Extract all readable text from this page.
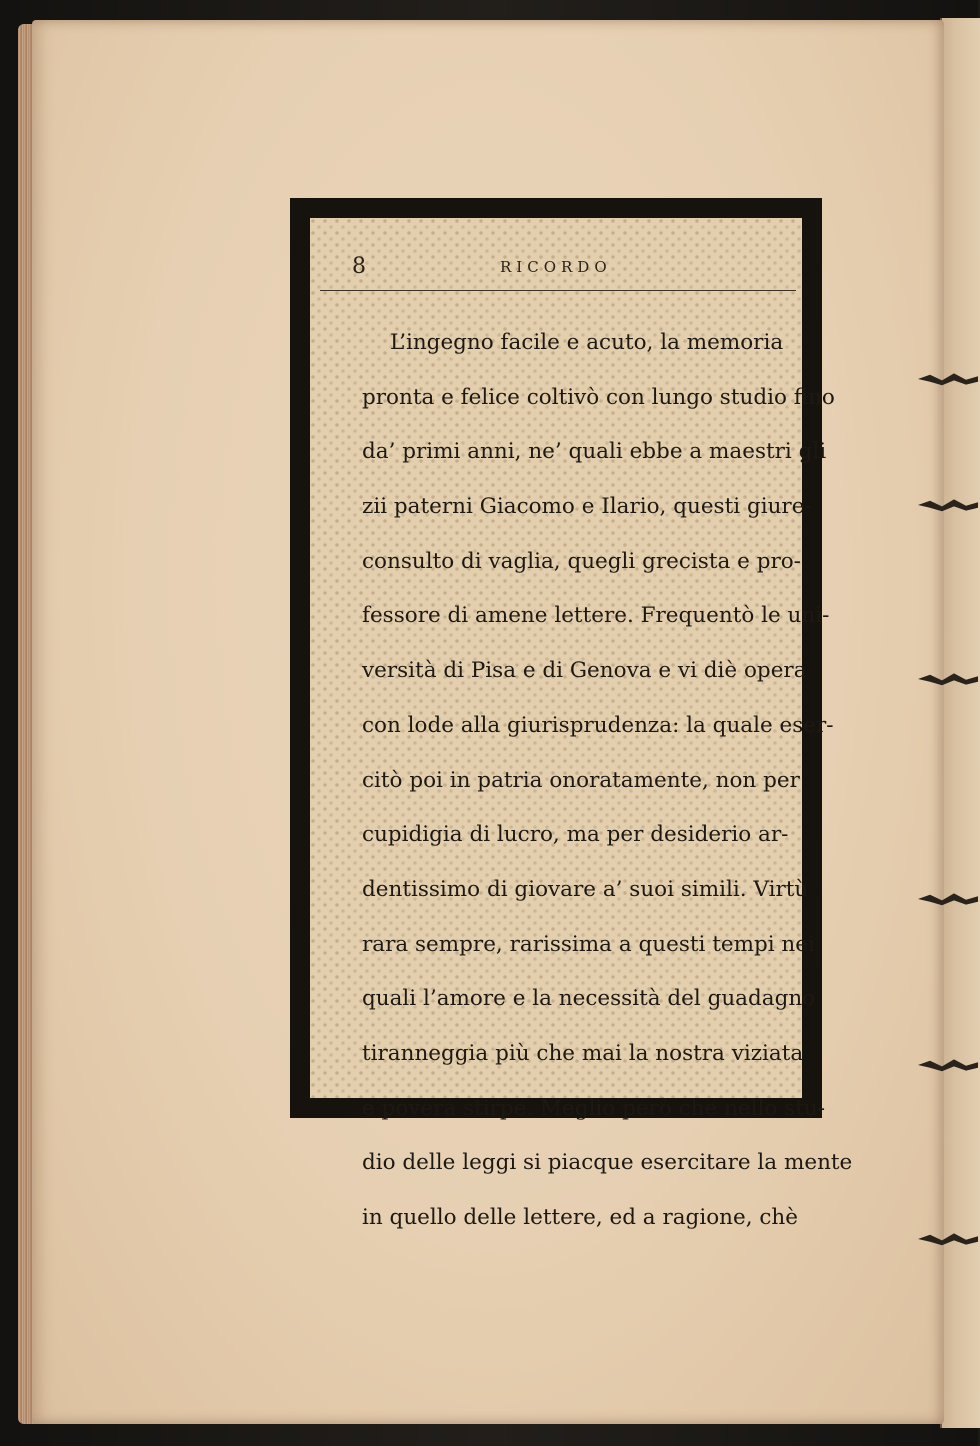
8	RICORDO
L’ingegno facile e acuto, la memoria
pronta e felice coltivò con lungo studio fino
da’ primi anni, ne’ quali ebbe a maestri gli
zii paterni Giacomo e Ilario, questi giure-
consulto di vaglia, quegli grecista e pro-
fessore di amene lettere. Frequentò le uni-
versità di Pisa e di Genova e vi diè opera
con lode alla giurisprudenza: la quale eser-
citò poi in patria onoratamente, non per
cupidigia di lucro, ma per desiderio ar-
dentissimo di giovare a’ suoi simili. Virtù
rara sempre, rarissima a questi tempi nei
quali l’amore e la necessità del guadagno
tiranneggia più che mai la nostra viziata
e povera stirpe. Meglio però che nello stu-
dio delle leggi si piacque esercitare la mente
in quello delle lettere, ed a ragione, chè
